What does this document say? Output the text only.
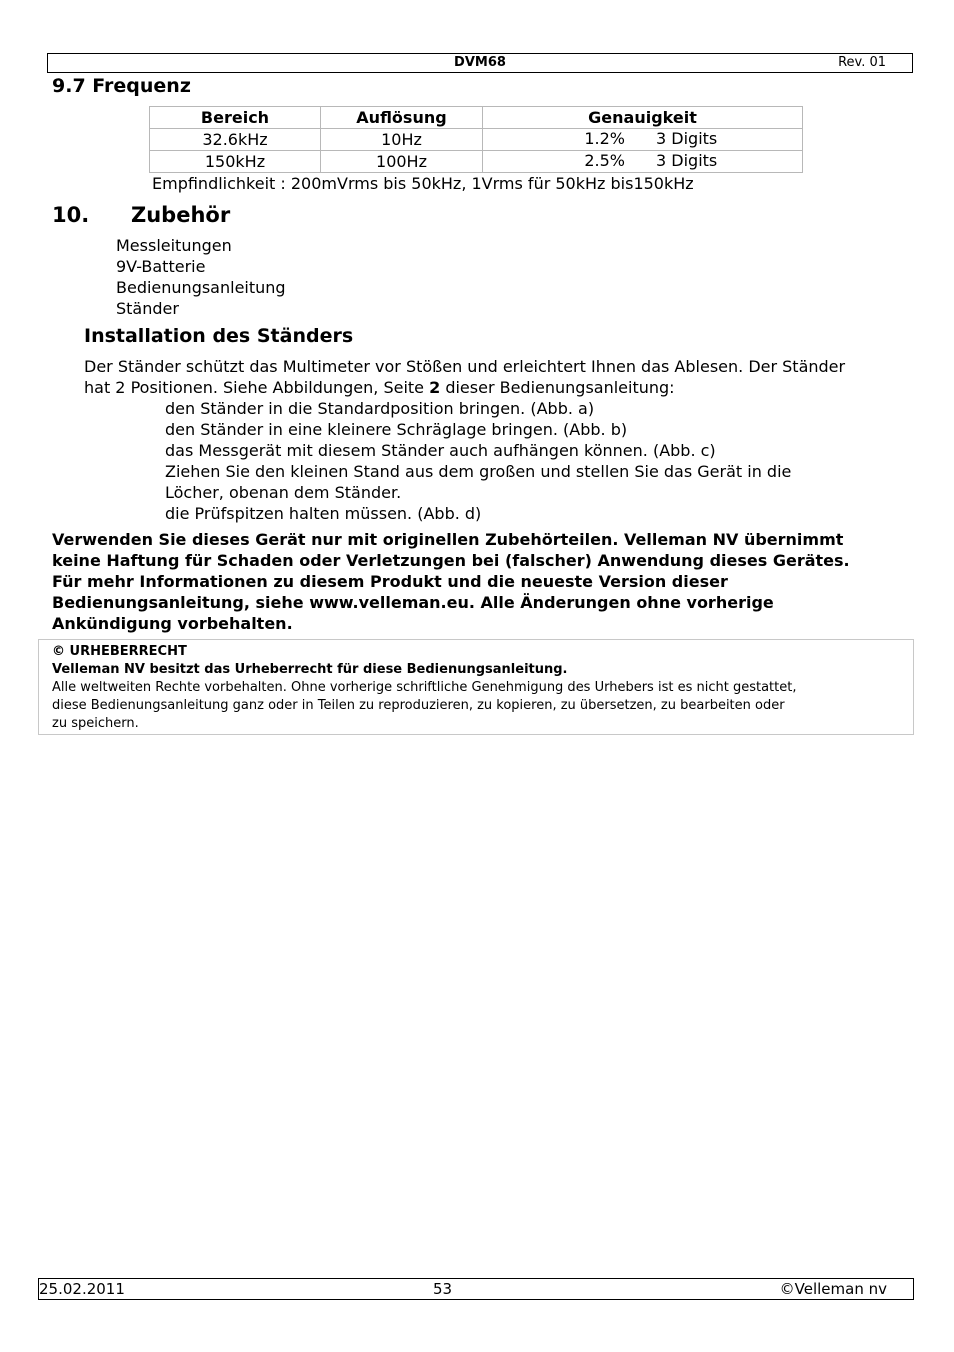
DVM68	Rev. 01
9.7 Frequenz
Bereich	Auflösung	Genauigkeit
32.6kHz	10Hz	1.2% 3 Digits

150kHz	100Hz	2.5% 3 Digits
Empfindlichkeit : 200mVrms bis 50kHz, 1Vrms für 50kHz bis150kHz
10. Zubehör
Messleitungen
9V-Batterie
Bedienungsanleitung
Ständer
Installation des Ständers
Der Ständer schützt das Multimeter vor Stößen und erleichtert Ihnen das Ablesen. Der Ständer
hat 2 Positionen. Siehe Abbildungen, Seite 2 dieser Bedienungsanleitung:
den Ständer in die Standardposition bringen. (Abb. a)
den Ständer in eine kleinere Schräglage bringen. (Abb. b)
das Messgerät mit diesem Ständer auch aufhängen können. (Abb. c)
Ziehen Sie den kleinen Stand aus dem großen und stellen Sie das Gerät in die
Löcher, obenan dem Ständer.
die Prüfspitzen halten müssen. (Abb. d)
Verwenden Sie dieses Gerät nur mit originellen Zubehörteilen. Velleman NV übernimmt
keine Haftung für Schaden oder Verletzungen bei (falscher) Anwendung dieses Gerätes.
Für mehr Informationen zu diesem Produkt und die neueste Version dieser
Bedienungsanleitung, siehe www.velleman.eu. Alle Änderungen ohne vorherige
Ankündigung vorbehalten.
© URHEBERRECHT
Velleman NV besitzt das Urheberrecht für diese Bedienungsanleitung.
Alle weltweiten Rechte vorbehalten. Ohne vorherige schriftliche Genehmigung des Urhebers ist es nicht gestattet,
diese Bedienungsanleitung ganz oder in Teilen zu reproduzieren, zu kopieren, zu übersetzen, zu bearbeiten oder
zu speichern.
25.02.2011	53	©Velleman nv
